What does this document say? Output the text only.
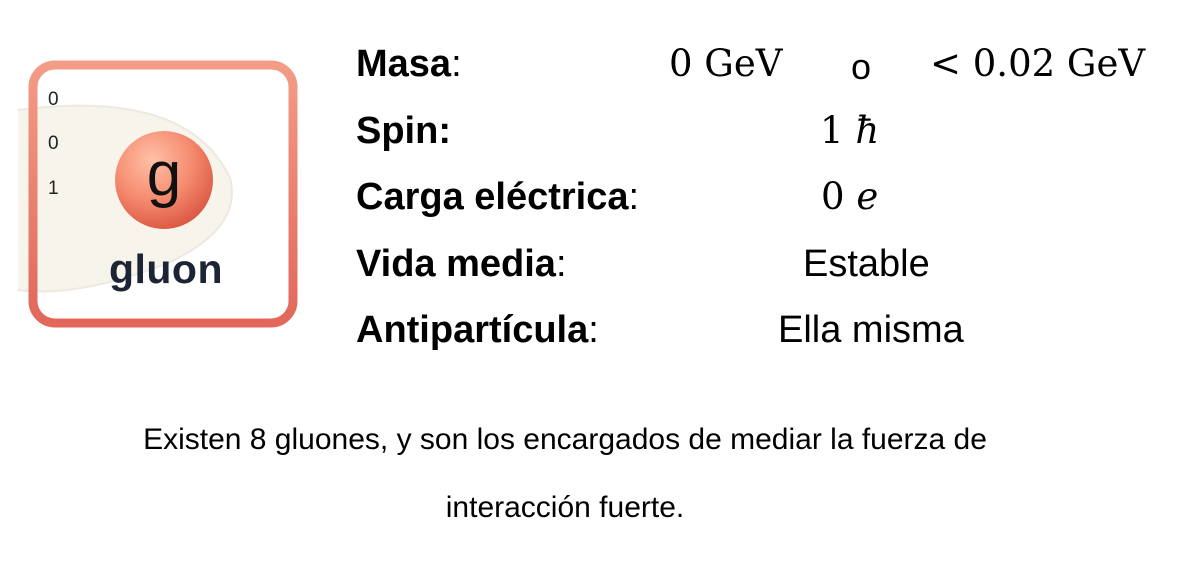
0
0
1	g
gluon
Masa:	0 GeV o < 0.02 GeV
Spin:	1 ħ
Carga eléctrica:	0 e
Vida media:	Estable
Antipartícula:	Ella misma
Existen 8 gluones, y son los encargados de mediar la fuerza de
interacción fuerte.
